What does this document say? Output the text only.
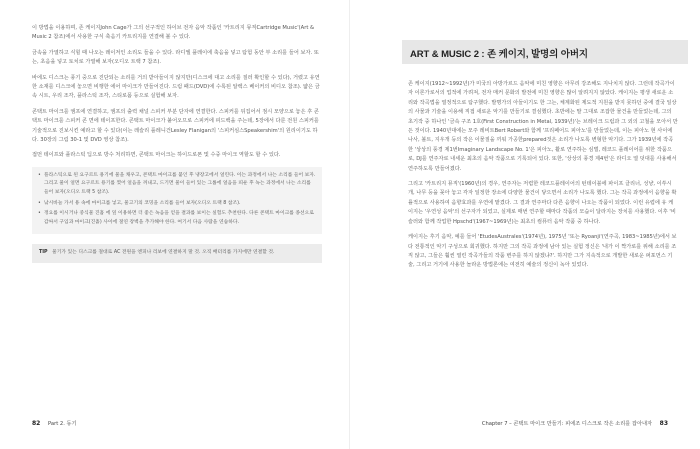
이 방법을 이용하며, 존 케이지John Cage가 그의 선구적인 하이브 전자 음악 작품인 '카트리지 뮤직Cartridge Music'(Art & Music 2 참조)에서 사용한 구식 축음기 카트리지를 연결해 볼 수 있다.

금속을 가열하고 식힐 때 나오는 레이저인 소리도 들을 수 있다. 라디엘 플레이에 축음을 넣고 탐험 동안 부 소리를 들어 보자. 또는, 초음을 넣고 토치로 가열해 보자(오디오 트랙 7 참조).

바에도 디스크는 풍기 중으로 진단되는 소리를 거의 받아들이지 않지만(디스크에 대고 소리를 질러 확인할 수 있다), 거렸고 유연한 소재를 디스크에 놓으면 비행한 에어 마이크가 만들어진다. 드럼 패드(DVD)에 수록된 알렉스 베이커의 비디오 참조). 얇은 금속 시트, 우리 조각, 플라스틱 조각, 스티로폼 등으로 실험해 보자.

콘택트 마이크를 앰프에 연결하고, 앰프의 출력 채널 스피커 부분 단자에 연결한다. 스피커를 뒤집어서 점시 모양으로 놓은 후 콘택트 마이크를 스피커 콘 면에 테이프한다. 콘택트 마이크가 붙어오므로 스피커에 피드백을 주는데, 5장에서 다룬 전원 스피커를 기술적으로 진보시킨 예라고 할 수 있다(이는 레슬리 플레니건Lesley Flanigan의 '스피커심스Speakershim'의 원리이기도 하다. 30장의 그림 30-1 및 DVD 영상 참조).

접먼 테이프와 플라스틱 딥으로 방수 처리하면, 콘택트 마이크는 하이드로폰 및 수중 마이크 역할도 할 수 있다.

• 플라스틱으로 된 요구르트 용기에 물을 채우고, 콘택트 마이크를 붙인 후 냉장고에서 얼린다. 이는 과정에서 나는 소리를 들어 보자. 그리고 물이 얼면 요구르트 용기를 찢어 얼음을 꺼내고, 드기면 물이 들어 있는 그룹에 얼음을 띄운 후 녹는 과정에서 나는 소리를 들어 보자(오디오 트랙 5 참조).

• 낚시바늘 가서 용 속에 마이크를 넣고, 물고기의 코밍을 소리를 들어 보자(오디오 트랙 8 참조).

• 정요를 이시거나 중식물 진흡 에 잎 이용하면 더 좋은 녹음을 얻을 결과를 보이는 실험도 추천한다. 다른 콘택트 마이크를 종선으로 감싸서 구입과 마이크(진흙) 사이에 절연 장벽을 추가해야 한다. 여기서 다음 사람을 연습하다.

TIP 물기가 있는 디스크를 절대로 AC 전원을 엔피나 리보에 연결하지 말 것. 오직 배터리를 가지에만 연결할 것.
82 Part 2. 동기
ART & MUSIC 2 : 존 케이지, 발명의 아버지

존 케이지(1912~1992년)가 미국의 아방가르드 음악에 미친 영향은 아무리 강조해도 지나치지 않다. 그런데 작곡가이자 이론가로서의 업적에 가려져, 전자 매커 문화의 발전에 미친 영향은 많이 알려지지 않았다. 케이지는 평생 새로운 소리와 작곡법을 열정적으로 탐구했다. 발명가의 아들이기도 한 그는, 체계화된 제도적 지원을 받지 못하던 중에 결국 일상의 사물과 기술을 이용해 직접 새로운 악기를 만들기로 결심했다. 초반에는 말 그대로 조잡한 물건을 만들었는데, 그의 초기작 중 하나인 '금속 구조 1호(First Construction in Metal, 1939년)'는 브레이크 드럼과 그 외의 고철을 모아서 만든 것이다. 1940년대에는 모주 레비트Bert Robert와 함께 '프리페어드 피아노'를 만들었는데, 이는 피아노 현 사이에 나사, 볼트, 지우개 등의 작은 이물질을 끼워 가공한prepared것은 소리가 나도록 변형한 악기다. 그가 1939년에 작곡한 '상상의 풍경 제1번Imaginary Landscape No. 1'은 피아노, 활로 연주하는 심벌, 레코드 플레이어를 위한 작품으로, DJ를 연주자로 내세운 최초의 음악 작품으로 기록되어 있다. 또한, '상상의 풍경 제4번'은 라디오 열 덧대를 사용해서 연주하도록 만들어졌다.

그리고 '카트리지 뮤직'(1960년)의 경우, 연주자는 저렴한 레코드플레이어의 턴테이블에 파이프 클리너, 성냥, 이쑤시개, 나무 등을 꽂아 놓고 각자 일정한 장소에 다양한 물건이 닿으면서 소리가 나도록 했다. 그는 작곡 과정에서 음향을 확률적으로 사용하여 음향효과를 우연에 맡겼다. 그 결과 연주마다 다른 음향이 나오는 작품이 되었다. 이런 유럽에 유 케이지는 '우연성 음악'의 선구자가 되었고, 실제로 매번 연주할 때마다 작품의 모습이 달라지는 장치를 사용했다. 이후 '비슬러와 함께 작업한 Hpschd'(1967~1969년)는 최초의 컴퓨터 음악 작품 중 하나다.

케이지는 후기 음악, 예를 들어 'EtudesAustrales'(1974년), 1975년 '또는 Ryoanji'(연주곡, 1983~1985년)에서 보다 전통적인 악기 구성으로 회귀했다. 하지만 그의 작곡 과정에 남아 있는 실험 정신은 '내가 이 짝가로를 위해 소리를 조직 않고, 그들은 훨씬 열린 작곡가들의 작품 변주를 하지 않겠냐?'. 하지만 그가 지속적으로 개발한 새로운 퍼포먼스 기술, 그리고 거기에 사용한 놀라운 방법론에는 여전히 예술의 정신이 녹아 있었다.

Chapter 7 – 콘택트 마이크 만들기: 피에조 디스크로 작은 소리를 잡아내자 83
